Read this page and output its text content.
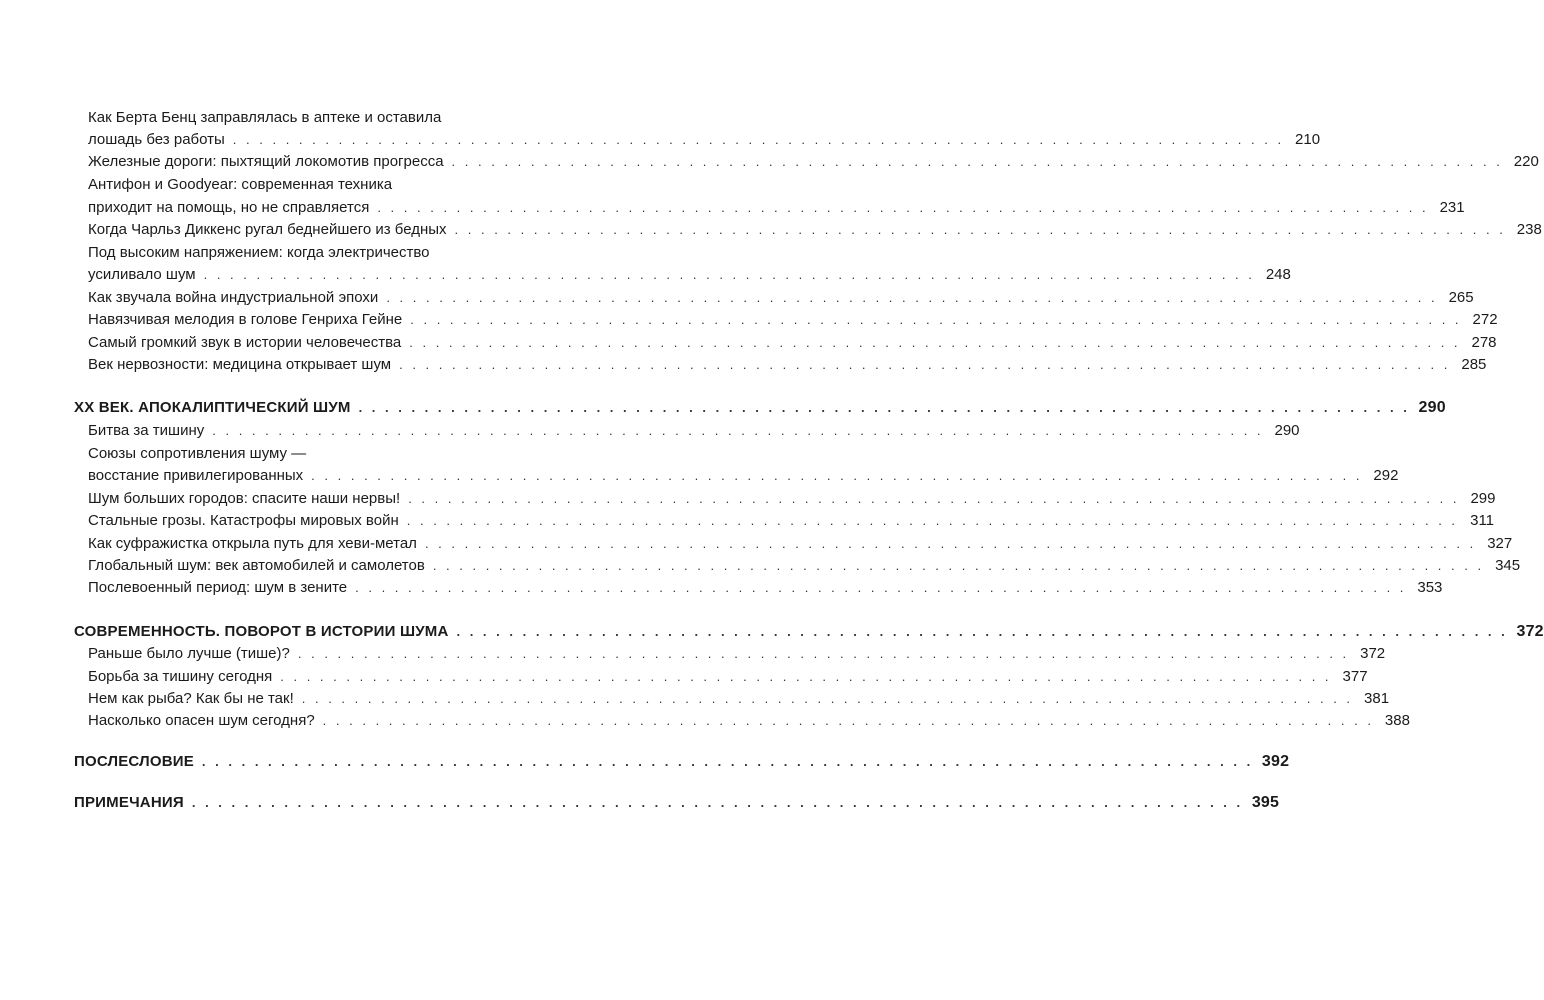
Как Берта Бенц заправлялась в аптеке и оставила
лошадь без работы . . . . . . . . . . . . . . . . . . . . . . . . . . . . . . . . . . . . . . . . . . . . . . . . . . . . . . . . . . . . . . . . . . . . . . . . . . . . . . . . 210
Железные дороги: пыхтящий локомотив прогресса . . . . . . . . . . . . . . . . . . . . . . . . . . . . . . . . . . . . . . . . . . . . . . . . . . . . . . . . . . . . . . . . . . . . . . . . . . . . . . . . 220
Антифон и Goodyear: современная техника
приходит на помощь, но не справляется . . . . . . . . . . . . . . . . . . . . . . . . . . . . . . . . . . . . . . . . . . . . . . . . . . . . . . . . . . . . . . . . . . . . . . . . . . . . . . . . 231
Когда Чарльз Диккенс ругал беднейшего из бедных . . . . . . . . . . . . . . . . . . . . . . . . . . . . . . . . . . . . . . . . . . . . . . . . . . . . . . . . . . . . . . . . . . . . . . . . . . . . . . . . 238
Под высоким напряжением: когда электричество
усиливало шум . . . . . . . . . . . . . . . . . . . . . . . . . . . . . . . . . . . . . . . . . . . . . . . . . . . . . . . . . . . . . . . . . . . . . . . . . . . . . . . . 248
Как звучала война индустриальной эпохи . . . . . . . . . . . . . . . . . . . . . . . . . . . . . . . . . . . . . . . . . . . . . . . . . . . . . . . . . . . . . . . . . . . . . . . . . . . . . . . . 265
Навязчивая мелодия в голове Генриха Гейне . . . . . . . . . . . . . . . . . . . . . . . . . . . . . . . . . . . . . . . . . . . . . . . . . . . . . . . . . . . . . . . . . . . . . . . . . . . . . . . . 272
Самый громкий звук в истории человечества . . . . . . . . . . . . . . . . . . . . . . . . . . . . . . . . . . . . . . . . . . . . . . . . . . . . . . . . . . . . . . . . . . . . . . . . . . . . . . . . 278
Век нервозности: медицина открывает шум . . . . . . . . . . . . . . . . . . . . . . . . . . . . . . . . . . . . . . . . . . . . . . . . . . . . . . . . . . . . . . . . . . . . . . . . . . . . . . . . 285
XX ВЕК. АПОКАЛИПТИЧЕСКИЙ ШУМ . . . . . . . . . . . . . . . . . . . . . . . . . . . . . . . . . . . . . . . . . . . . . . . . . . . . . . . . . . . . . . . . . . . . . . . . . . . . . . . . 290
Битва за тишину . . . . . . . . . . . . . . . . . . . . . . . . . . . . . . . . . . . . . . . . . . . . . . . . . . . . . . . . . . . . . . . . . . . . . . . . . . . . . . . . 290
Союзы сопротивления шуму —
восстание привилегированных . . . . . . . . . . . . . . . . . . . . . . . . . . . . . . . . . . . . . . . . . . . . . . . . . . . . . . . . . . . . . . . . . . . . . . . . . . . . . . . . 292
Шум больших городов: спасите наши нервы! . . . . . . . . . . . . . . . . . . . . . . . . . . . . . . . . . . . . . . . . . . . . . . . . . . . . . . . . . . . . . . . . . . . . . . . . . . . . . . . . 299
Стальные грозы. Катастрофы мировых войн . . . . . . . . . . . . . . . . . . . . . . . . . . . . . . . . . . . . . . . . . . . . . . . . . . . . . . . . . . . . . . . . . . . . . . . . . . . . . . . . 311
Как суфражистка открыла путь для хеви-метал . . . . . . . . . . . . . . . . . . . . . . . . . . . . . . . . . . . . . . . . . . . . . . . . . . . . . . . . . . . . . . . . . . . . . . . . . . . . . . . . 327
Глобальный шум: век автомобилей и самолетов . . . . . . . . . . . . . . . . . . . . . . . . . . . . . . . . . . . . . . . . . . . . . . . . . . . . . . . . . . . . . . . . . . . . . . . . . . . . . . . . 345
Послевоенный период: шум в зените . . . . . . . . . . . . . . . . . . . . . . . . . . . . . . . . . . . . . . . . . . . . . . . . . . . . . . . . . . . . . . . . . . . . . . . . . . . . . . . . 353
СОВРЕМЕННОСТЬ. ПОВОРОТ В ИСТОРИИ ШУМА . . . . . . . . . . . . . . . . . . . . . . . . . . . . . . . . . . . . . . . . . . . . . . . . . . . . . . . . . . . . . . . . . . . . . . . . . . . . . . . . 372
Раньше было лучше (тише)? . . . . . . . . . . . . . . . . . . . . . . . . . . . . . . . . . . . . . . . . . . . . . . . . . . . . . . . . . . . . . . . . . . . . . . . . . . . . . . . . 372
Борьба за тишину сегодня . . . . . . . . . . . . . . . . . . . . . . . . . . . . . . . . . . . . . . . . . . . . . . . . . . . . . . . . . . . . . . . . . . . . . . . . . . . . . . . . 377
Нем как рыба? Как бы не так! . . . . . . . . . . . . . . . . . . . . . . . . . . . . . . . . . . . . . . . . . . . . . . . . . . . . . . . . . . . . . . . . . . . . . . . . . . . . . . . . 381
Насколько опасен шум сегодня? . . . . . . . . . . . . . . . . . . . . . . . . . . . . . . . . . . . . . . . . . . . . . . . . . . . . . . . . . . . . . . . . . . . . . . . . . . . . . . . . 388
ПОСЛЕСЛОВИЕ . . . . . . . . . . . . . . . . . . . . . . . . . . . . . . . . . . . . . . . . . . . . . . . . . . . . . . . . . . . . . . . . . . . . . . . . . . . . . . . . 392
ПРИМЕЧАНИЯ . . . . . . . . . . . . . . . . . . . . . . . . . . . . . . . . . . . . . . . . . . . . . . . . . . . . . . . . . . . . . . . . . . . . . . . . . . . . . . . . 395
